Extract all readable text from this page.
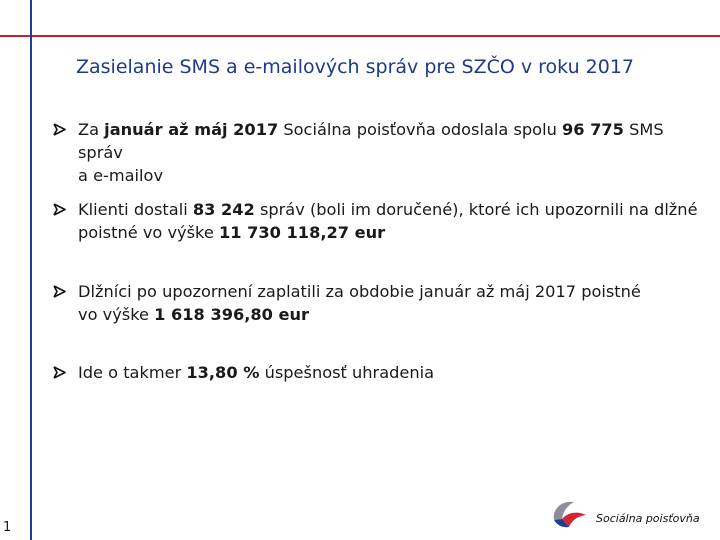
Zasielanie SMS a e-mailových správ pre SZČO v roku 2017
Za január až máj 2017 Sociálna poisťovňa odoslala spolu 96 775 SMS správ
a e-mailov
Klienti dostali 83 242 správ (boli im doručené), ktoré ich upozornili na dlžné
poistné vo výške 11 730 118,27 eur
Dlžníci po upozornení zaplatili za obdobie január až máj 2017 poistné
vo výške 1 618 396,80 eur
Ide o takmer 13,80 % úspešnosť uhradenia
1
Sociálna poisťovňa
